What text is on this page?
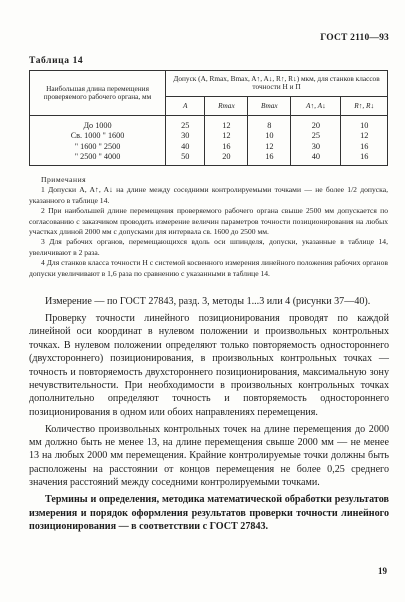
ГОСТ 2110—93
Таблица 14
Наибольшая длина перемещения проверяемого рабочего органа, мм	Допуск (A, Rmax, Bmax, A↑, A↓, R↑, R↓) мкм, для станков классов точности Н и П				
	A	Rmax	Bmax	A↑, A↓	R↑, R↓
До 1000	25	12	8	20	10
Св. 1000 " 1600	30	12	10	25	12
" 1600 " 2500	40	16	12	30	16
" 2500 " 4000	50	20	16	40	16

Примечания

1 Допуски A, A↑, A↓ на длине между соседними контролируемыми точками — не более 1/2 допуска, указанного в таблице 14.

2 При наибольшей длине перемещения проверяемого рабочего органа свыше 2500 мм допускается по согласованию с заказчиком проводить измерение величин параметров точности позиционирования на любых участках длиной 2000 мм с допусками для интервала св. 1600 до 2500 мм.

3 Для рабочих органов, перемещающихся вдоль оси шпинделя, допуски, указанные в таблице 14, увеличивают в 2 раза.

4 Для станков класса точности Н с системой косвенного измерения линейного положения рабочих органов допуски увеличивают в 1,6 раза по сравнению с указанными в таблице 14.

Измерение — по ГОСТ 27843, разд. 3, методы 1...3 или 4 (рисунки 37—40).

Проверку точности линейного позиционирования проводят по каждой линейной оси координат в нулевом положении и произвольных контрольных точках. В нулевом положении определяют только повторяемость одностороннего (двухстороннего) позиционирования, в произвольных контрольных точках — точность и повторяемость двухстороннего позиционирования, максимальную зону нечувствительности. При необходимости в произвольных контрольных точках дополнительно определяют точность и повторяемость одностороннего позиционирования в одном или обоих направлениях перемещения.

Количество произвольных контрольных точек на длине перемещения до 2000 мм должно быть не менее 13, на длине перемещения свыше 2000 мм — не менее 13 на любых 2000 мм перемещения. Крайние контролируемые точки должны быть расположены на расстоянии от концов перемещения не более 0,25 среднего значения расстояний между соседними контролируемыми точками.

Термины и определения, методика математической обработки результатов измерения и порядок оформления результатов проверки точности линейного позиционирования — в соответствии с ГОСТ 27843.

19
